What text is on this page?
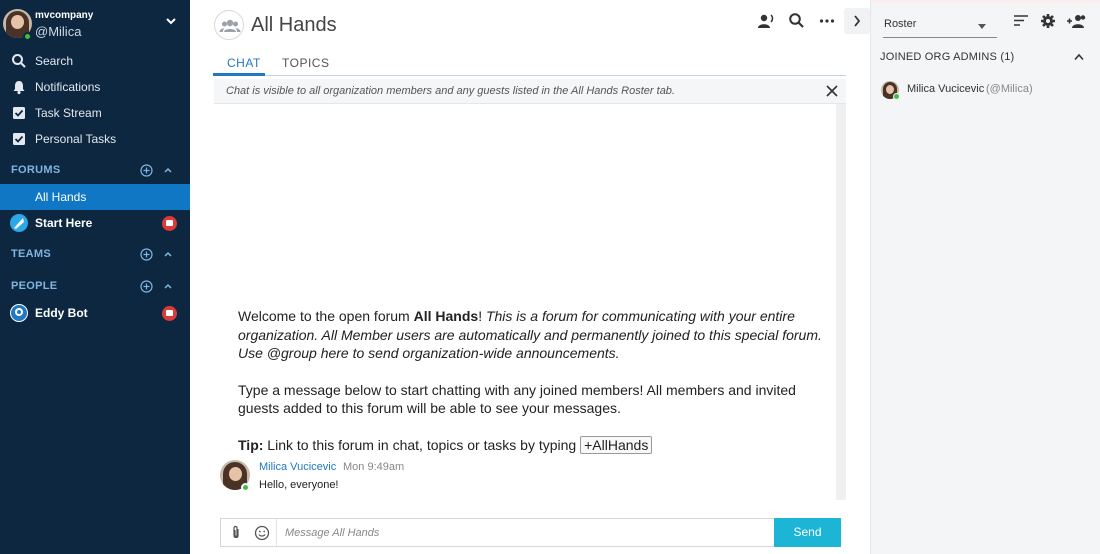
mvcompany
@Milica
Search
Notifications
Task Stream
Personal Tasks
FORUMS
All Hands
Start Here
TEAMS
PEOPLE
Eddy Bot
All Hands
CHAT TOPICS
Chat is visible to all organization members and any guests listed in the All Hands Roster tab.

Welcome to the open forum All Hands! This is a forum for communicating with your entire organization. All Member users are automatically and permanently joined to this special forum. Use @group here to send organization-wide announcements.

Type a message below to start chatting with any joined members! All members and invited guests added to this forum will be able to see your messages.

Tip: Link to this forum in chat, topics or tasks by typing +AllHands

Milica Vucicevic Mon 9:49am
Hello, everyone!
Message All Hands
Send
Roster
JOINED ORG ADMINS (1)
Milica Vucicevic (@Milica)
